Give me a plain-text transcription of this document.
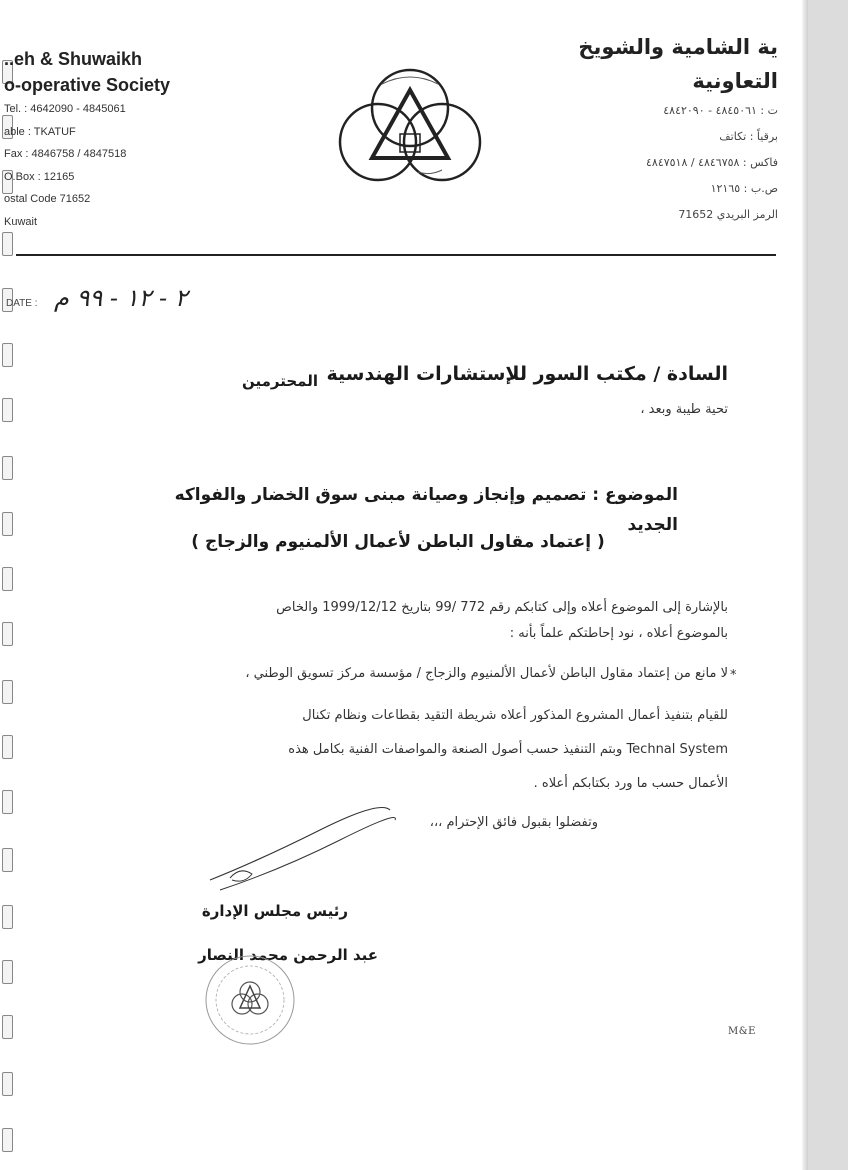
..eh & Shuwaikh
o-operative Society
Tel. : 4642090 - 4845061
able : TKATUF
Fax : 4846758 / 4847518
O.Box : 12165
ostal Code 71652
Kuwait
ية الشامية والشويخ التعاونية
ت : ٤٨٤٥٠٦١ - ٤٨٤٢٠٩٠
برقياً : تكاتف
فاكس : ٤٨٤٦٧٥٨ / ٤٨٤٧٥١٨
ص.ب : ١٢١٦٥
الرمز البريدي 71652
DATE : ٢ - ١٢ - ٩٩ م
السادة / مكتب السور للإستشارات الهندسية
المحترمين
تحية طيبة وبعد ،
الموضوع : تصميم وإنجاز وصيانة مبنى سوق الخضار والفواكه الجديد
( إعتماد مقاول الباطن لأعمال الألمنيوم والزجاج )
بالإشارة إلى الموضوع أعلاه وإلى كتابكم رقم 772 /99 بتاريخ 1999/12/12 والخاص
بالموضوع أعلاه ، نود إحاطتكم علماً بأنه :
*
لا مانع من إعتماد مقاول الباطن لأعمال الألمنيوم والزجاج / مؤسسة مركز تسويق الوطني ،
للقيام بتنفيذ أعمال المشروع المذكور أعلاه شريطة التقيد بقطاعات ونظام تكنال
Technal System وبتم التنفيذ حسب أصول الصنعة والمواصفات الفنية بكامل هذه
الأعمال حسب ما ورد بكتابكم أعلاه .
وتفضلوا بقبول فائق الإحترام ،،،
رئيس مجلس الإدارة
عبد الرحمن محمد النصار
M&E
